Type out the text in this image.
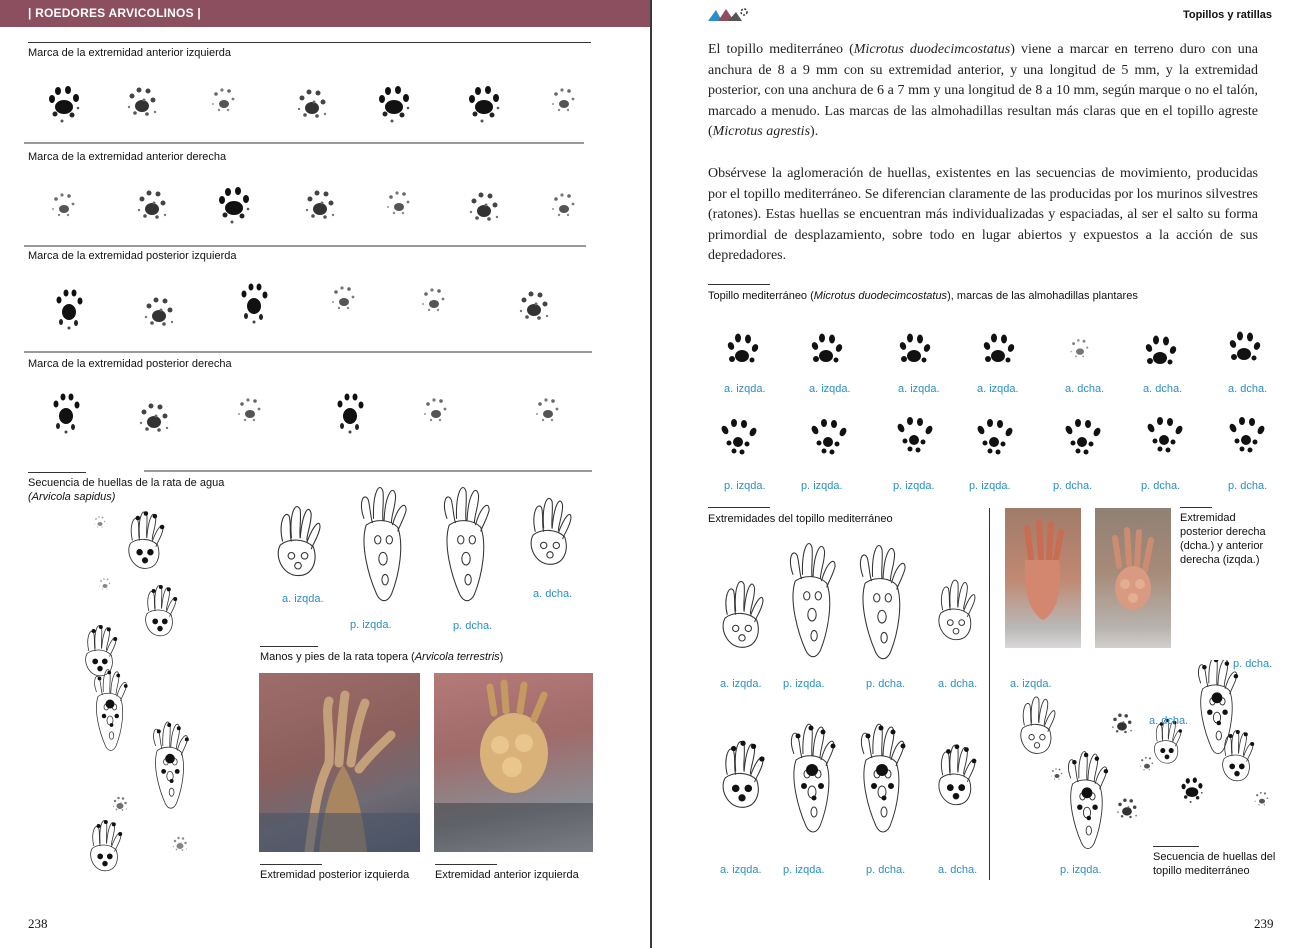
| ROEDORES ARVICOLINOS |
Marca de la extremidad anterior izquierda
Marca de la extremidad anterior derecha
Marca de la extremidad posterior izquierda
Marca de la extremidad posterior derecha
Secuencia de huellas de la rata de agua
(Arvicola sapidus)
a. izqda.
p. izqda.	p. dcha.
a. dcha.
Manos y pies de la rata topera (Arvicola terrestris)
Extremidad posterior izquierda Extremidad anterior izquierda
238
Topillos y ratillas
El topillo mediterráneo (Microtus duodecimcostatus) viene a marcar en terreno duro con una anchura de 8 a 9 mm con su extremidad anterior, y una longitud de 5 mm, y la extremidad posterior, con una anchura de 6 a 7 mm y una longitud de 8 a 10 mm, según marque o no el talón, marcado a menudo. Las marcas de las almohadillas resultan más claras que en el topillo agreste (Microtus agrestis).
Obsérvese la aglomeración de huellas, existentes en las secuencias de movimiento, producidas por el topillo mediterráneo. Se diferencian claramente de las producidas por los murinos silvestres (ratones). Estas huellas se encuentran más individualizadas y espaciadas, al ser el salto su forma primordial de desplazamiento, sobre todo en lugar abiertos y expuestos a la acción de sus depredadores.
Topillo mediterráneo (Microtus duodecimcostatus), marcas de las almohadillas plantares
a. izqda.	a. izqda.	a. izqda.	a. izqda.	a. dcha.	a. dcha.	a. dcha.
p. izqda.	p. izqda.	p. izqda.	p. izqda.	p. dcha.	p. dcha.	p. dcha.
Extremidades del topillo mediterráneo
a. izqda. p. izqda.	p. dcha.	a. dcha.
a. izqda. p. izqda.	p. dcha.	a. dcha.
Extremidad
posterior derecha
(dcha.) y anterior
derecha (izqda.)
p. dcha.
a. dcha.
a. izqda.
p. izqda.
Secuencia de huellas del
topillo mediterráneo
239
